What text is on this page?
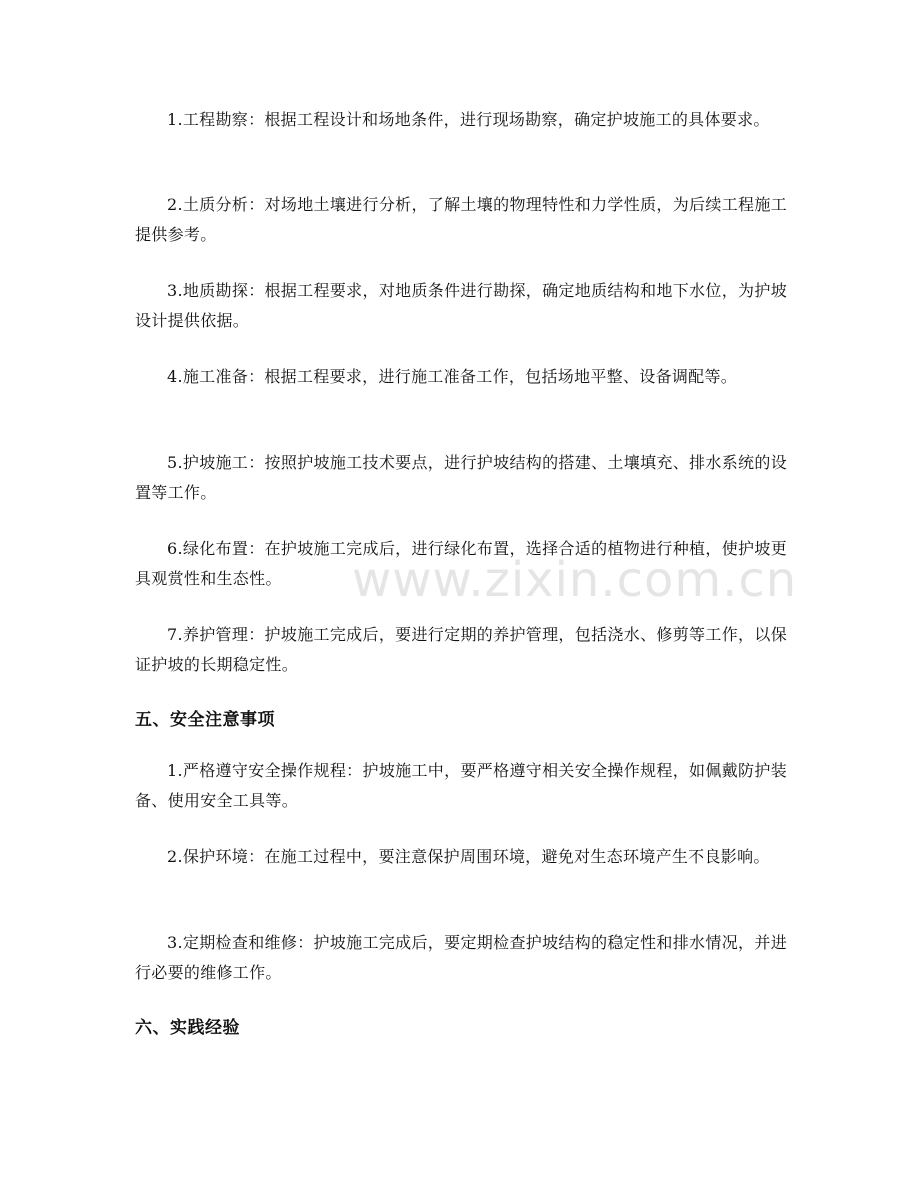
1.工程勘察：根据工程设计和场地条件，进行现场勘察，确定护坡施工的具体要求。

2.土质分析：对场地土壤进行分析，了解土壤的物理特性和力学性质，为后续工程施工提供参考。

3.地质勘探：根据工程要求，对地质条件进行勘探，确定地质结构和地下水位，为护坡设计提供依据。

4.施工准备：根据工程要求，进行施工准备工作，包括场地平整、设备调配等。

5.护坡施工：按照护坡施工技术要点，进行护坡结构的搭建、土壤填充、排水系统的设置等工作。

6.绿化布置：在护坡施工完成后，进行绿化布置，选择合适的植物进行种植，使护坡更具观赏性和生态性。

7.养护管理：护坡施工完成后，要进行定期的养护管理，包括浇水、修剪等工作，以保证护坡的长期稳定性。

五、安全注意事项

1.严格遵守安全操作规程：护坡施工中，要严格遵守相关安全操作规程，如佩戴防护装备、使用安全工具等。

2.保护环境：在施工过程中，要注意保护周围环境，避免对生态环境产生不良影响。

3.定期检查和维修：护坡施工完成后，要定期检查护坡结构的稳定性和排水情况，并进行必要的维修工作。

六、实践经验
www.zixin.com.cn
